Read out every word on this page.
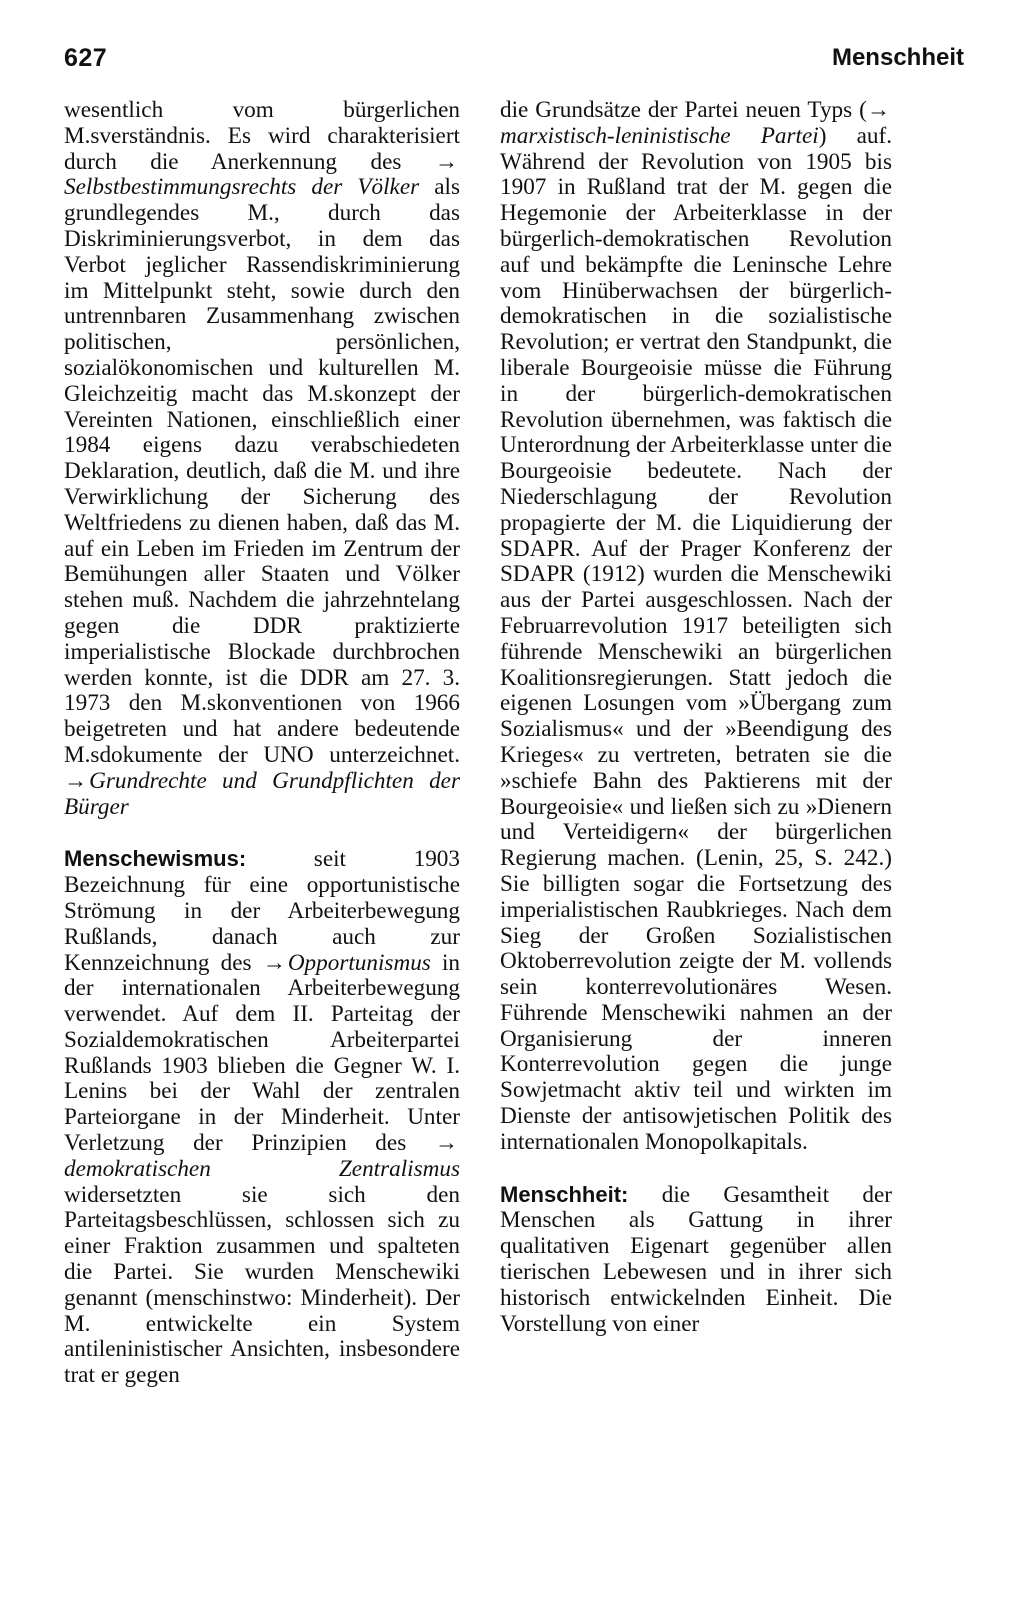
627	Menschheit

wesentlich vom bürgerlichen M.sverständnis. Es wird charakterisiert durch die Anerkennung des → Selbstbestimmungsrechts der Völker als grundlegendes M., durch das Diskriminierungsverbot, in dem das Verbot jeglicher Rassendiskriminierung im Mittelpunkt steht, sowie durch den untrennbaren Zusammenhang zwischen politischen, persönlichen, sozialökonomischen und kulturellen M. Gleichzeitig macht das M.skonzept der Vereinten Nationen, einschließlich einer 1984 eigens dazu verabschiedeten Deklaration, deutlich, daß die M. und ihre Verwirklichung der Sicherung des Weltfriedens zu dienen haben, daß das M. auf ein Leben im Frieden im Zentrum der Bemühungen aller Staaten und Völker stehen muß. Nachdem die jahrzehntelang gegen die DDR praktizierte imperialistische Blockade durchbrochen werden konnte, ist die DDR am 27. 3. 1973 den M.skonventionen von 1966 beigetreten und hat andere bedeutende M.sdokumente der UNO unterzeichnet. → Grundrechte und Grundpflichten der Bürger

Menschewismus: seit 1903 Bezeichnung für eine opportunistische Strömung in der Arbeiterbewegung Rußlands, danach auch zur Kennzeichnung des → Opportunismus in der internationalen Arbeiterbewegung verwendet. Auf dem II. Parteitag der Sozialdemokratischen Arbeiterpartei Rußlands 1903 blieben die Gegner W. I. Lenins bei der Wahl der zentralen Parteiorgane in der Minderheit. Unter Verletzung der Prinzipien des → demokratischen Zentralismus widersetzten sie sich den Parteitagsbeschlüssen, schlossen sich zu einer Fraktion zusammen und spalteten die Partei. Sie wurden Menschewiki genannt (menschinstwo: Minderheit). Der M. entwickelte ein System antileninistischer Ansichten, insbesondere trat er gegen

die Grundsätze der Partei neuen Typs (→ marxistisch-leninistische Partei) auf. Während der Revolution von 1905 bis 1907 in Rußland trat der M. gegen die Hegemonie der Arbeiterklasse in der bürgerlich-demokratischen Revolution auf und bekämpfte die Leninsche Lehre vom Hinüberwachsen der bürgerlich-demokratischen in die sozialistische Revolution; er vertrat den Standpunkt, die liberale Bourgeoisie müsse die Führung in der bürgerlich-demokratischen Revolution übernehmen, was faktisch die Unterordnung der Arbeiterklasse unter die Bourgeoisie bedeutete. Nach der Niederschlagung der Revolution propagierte der M. die Liquidierung der SDAPR. Auf der Prager Konferenz der SDAPR (1912) wurden die Menschewiki aus der Partei ausgeschlossen. Nach der Februarrevolution 1917 beteiligten sich führende Menschewiki an bürgerlichen Koalitionsregierungen. Statt jedoch die eigenen Losungen vom »Übergang zum Sozialismus« und der »Beendigung des Krieges« zu vertreten, betraten sie die »schiefe Bahn des Paktierens mit der Bourgeoisie« und ließen sich zu »Dienern und Verteidigern« der bürgerlichen Regierung machen. (Lenin, 25, S. 242.) Sie billigten sogar die Fortsetzung des imperialistischen Raubkrieges. Nach dem Sieg der Großen Sozialistischen Oktoberrevolution zeigte der M. vollends sein konterrevolutionäres Wesen. Führende Menschewiki nahmen an der Organisierung der inneren Konterrevolution gegen die junge Sowjetmacht aktiv teil und wirkten im Dienste der antisowjetischen Politik des internationalen Monopolkapitals.

Menschheit: die Gesamtheit der Menschen als Gattung in ihrer qualitativen Eigenart gegenüber allen tierischen Lebewesen und in ihrer sich historisch entwickelnden Einheit. Die Vorstellung von einer
